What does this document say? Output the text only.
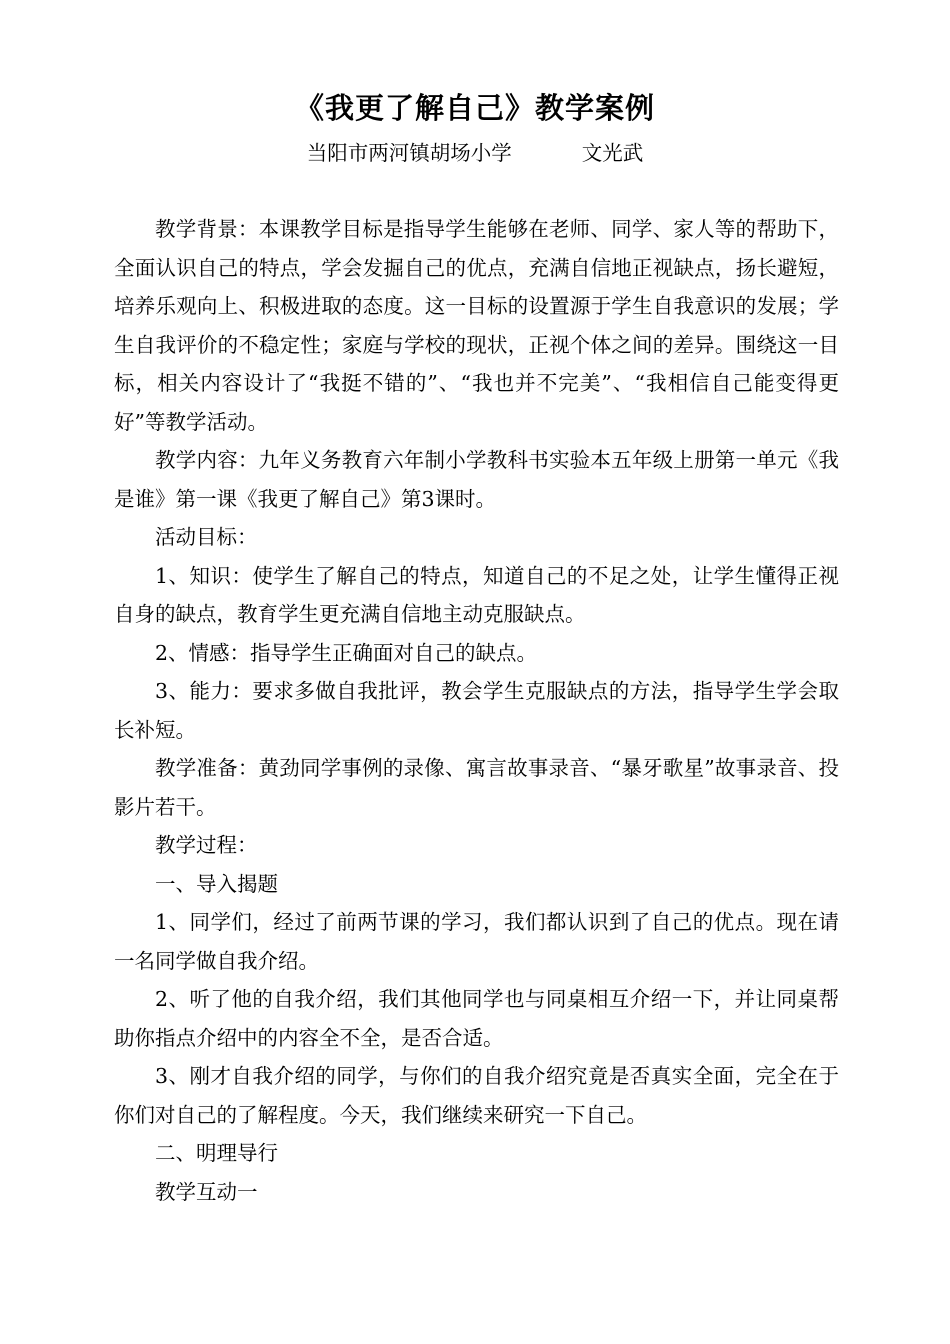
《我更了解自己》教学案例
当阳市两河镇胡场小学	文光武

教学背景：本课教学目标是指导学生能够在老师、同学、家人等的帮助下，全面认识自己的特点，学会发掘自己的优点，充满自信地正视缺点，扬长避短，培养乐观向上、积极进取的态度。这一目标的设置源于学生自我意识的发展；学生自我评价的不稳定性；家庭与学校的现状，正视个体之间的差异。围绕这一目标，相关内容设计了“我挺不错的”、“我也并不完美”、“我相信自己能变得更好”等教学活动。

教学内容：九年义务教育六年制小学教科书实验本五年级上册第一单元《我是谁》第一课《我更了解自己》第3课时。

活动目标：

1、知识：使学生了解自己的特点，知道自己的不足之处，让学生懂得正视自身的缺点，教育学生更充满自信地主动克服缺点。

2、情感：指导学生正确面对自己的缺点。

3、能力：要求多做自我批评，教会学生克服缺点的方法，指导学生学会取长补短。

教学准备：黄劲同学事例的录像、寓言故事录音、“暴牙歌星”故事录音、投影片若干。

教学过程：

一、导入揭题

1、同学们，经过了前两节课的学习，我们都认识到了自己的优点。现在请一名同学做自我介绍。

2、听了他的自我介绍，我们其他同学也与同桌相互介绍一下，并让同桌帮助你指点介绍中的内容全不全，是否合适。

3、刚才自我介绍的同学，与你们的自我介绍究竟是否真实全面，完全在于你们对自己的了解程度。今天，我们继续来研究一下自己。

二、明理导行

教学互动一
